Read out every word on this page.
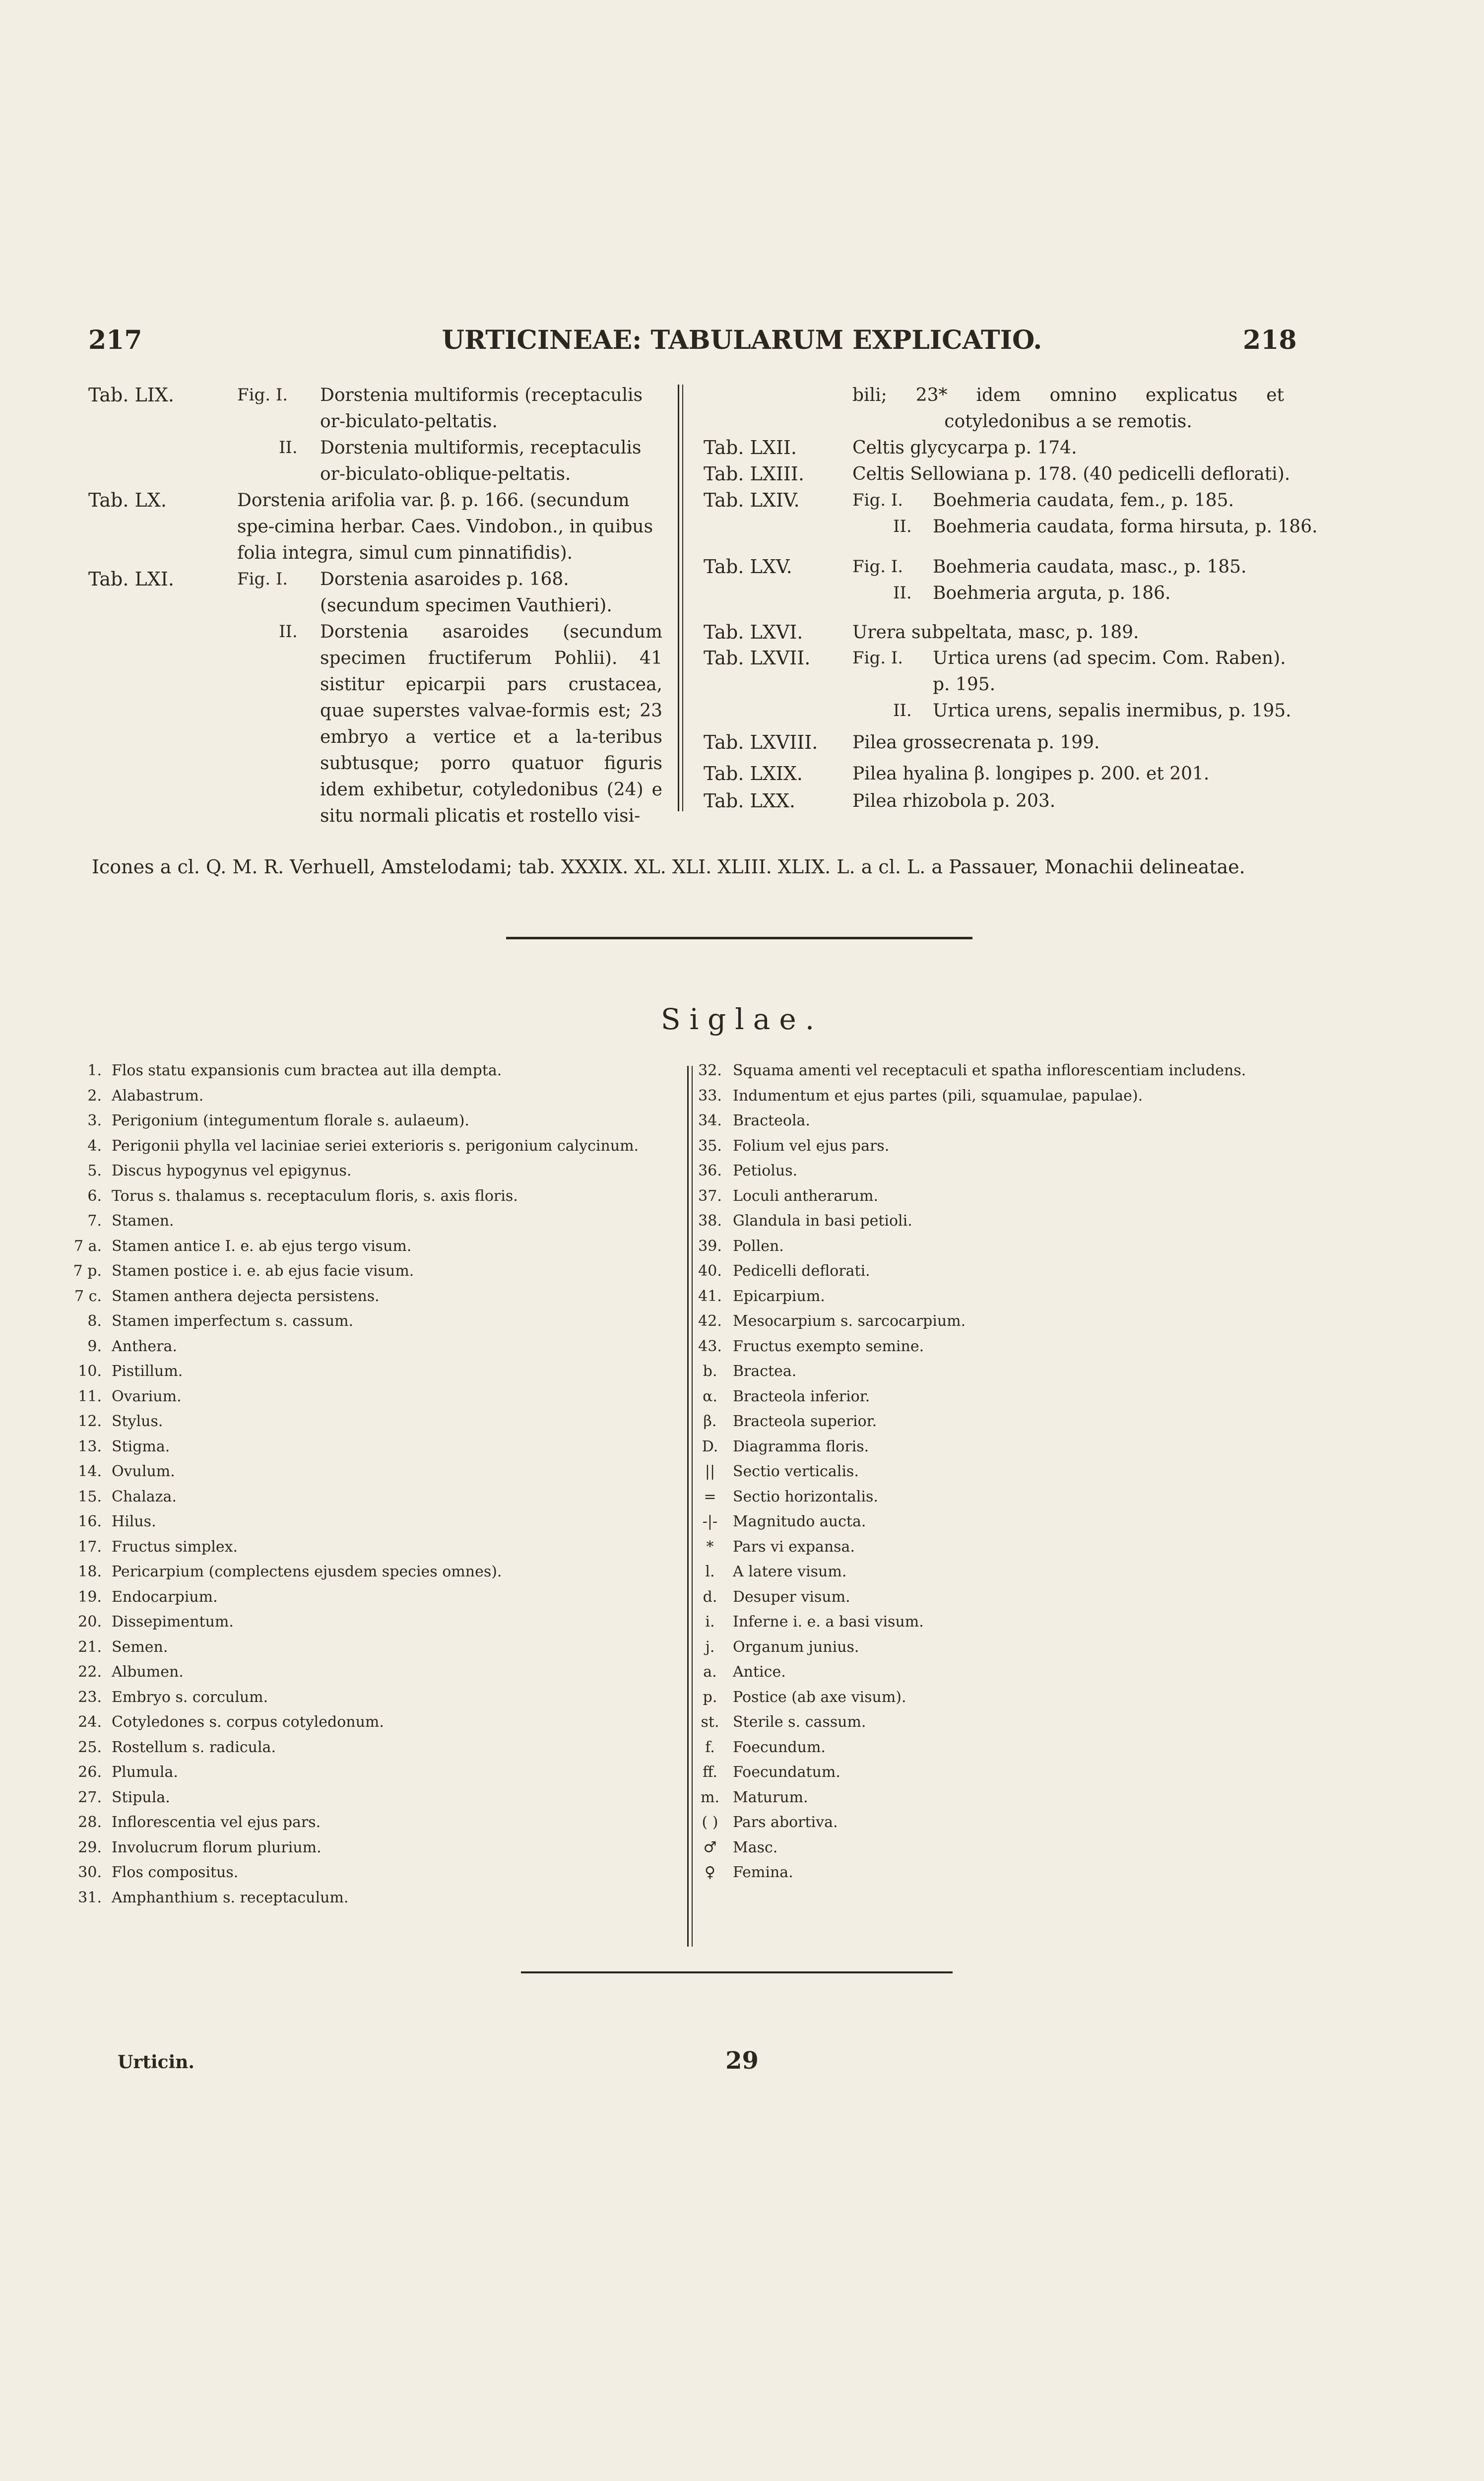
217	URTICINEAE: TABULARUM EXPLICATIO.	218
Tab. LIX.	Fig. I. Dorstenia multiformis (receptaculis or-biculato-peltatis.
II. Dorstenia multiformis, receptaculis or-biculato-oblique-peltatis.
Tab. LX.	Dorstenia arifolia var. β. p. 166. (secundum spe-cimina herbar. Caes. Vindobon., in quibus folia integra, simul cum pinnatifidis).
Tab. LXI.	Fig. I. Dorstenia asaroides p. 168. (secundum specimen Vauthieri).
II. Dorstenia asaroides (secundum specimen fructiferum Pohlii). 41 sistitur epicarpii pars crustacea, quae superstes valvae-formis est; 23 embryo a vertice et a la-teribus subtusque; porro quatuor figuris idem exhibetur, cotyledonibus (24) e situ normali plicatis et rostello visi-
bili; 23* idem omnino explicatus et cotyledonibus a se remotis.
Tab. LXII.	Celtis glycycarpa p. 174.
Tab. LXIII.	Celtis Sellowiana p. 178. (40 pedicelli deflorati).
Tab. LXIV.	Fig. I. Boehmeria caudata, fem., p. 185.
II. Boehmeria caudata, forma hirsuta, p. 186.
Tab. LXV.	Fig. I. Boehmeria caudata, masc., p. 185.
II. Boehmeria arguta, p. 186.
Tab. LXVI.	Urera subpeltata, masc, p. 189.
Tab. LXVII. Fig. I. Urtica urens (ad specim. Com. Raben).
p. 195.
II. Urtica urens, sepalis inermibus, p. 195.
Tab. LXVIII. Pilea grossecrenata p. 199.
Tab. LXIX.	Pilea hyalina β. longipes p. 200. et 201.
Tab. LXX.	Pilea rhizobola p. 203.
Icones a cl. Q. M. R. Verhuell, Amstelodami; tab. XXXIX. XL. XLI. XLIII. XLIX. L. a cl. L. a Passauer, Monachii delineatae.
Siglae.
1. Flos statu expansionis cum bractea aut illa dempta.
2. Alabastrum.
3. Perigonium (integumentum florale s. aulaeum).
4. Perigonii phylla vel laciniae seriei exterioris s. perigonium calycinum.
5. Discus hypogynus vel epigynus.
6. Torus s. thalamus s. receptaculum floris, s. axis floris.
7. Stamen.
7 a. Stamen antice I. e. ab ejus tergo visum.
7 p. Stamen postice i. e. ab ejus facie visum.
7 c. Stamen anthera dejecta persistens.
8. Stamen imperfectum s. cassum.
9. Anthera.
10. Pistillum.
11. Ovarium.
12. Stylus.
13. Stigma.
14. Ovulum.
15. Chalaza.
16. Hilus.
17. Fructus simplex.
18. Pericarpium (complectens ejusdem species omnes).
19. Endocarpium.
20. Dissepimentum.
21. Semen.
22. Albumen.
23. Embryo s. corculum.
24. Cotyledones s. corpus cotyledonum.
25. Rostellum s. radicula.
26. Plumula.
27. Stipula.
28. Inflorescentia vel ejus pars.
29. Involucrum florum plurium.
30. Flos compositus.
31. Amphanthium s. receptaculum.
32. Squama amenti vel receptaculi et spatha inflorescentiam includens.
33. Indumentum et ejus partes (pili, squamulae, papulae).
34. Bracteola.
35. Folium vel ejus pars.
36. Petiolus.
37. Loculi antherarum.
38. Glandula in basi petioli.
39. Pollen.
40. Pedicelli deflorati.
41. Epicarpium.
42. Mesocarpium s. sarcocarpium.
43. Fructus exempto semine.
b. Bractea.
α. Bracteola inferior.
β. Bracteola superior.
D. Diagramma floris.
|| Sectio verticalis.
= Sectio horizontalis.
-|- Magnitudo aucta.
* Pars vi expansa.
l. A latere visum.
d. Desuper visum.
i. Inferne i. e. a basi visum.
j. Organum junius.
a. Antice.
p. Postice (ab axe visum).
st. Sterile s. cassum.
f. Foecundum.
ff. Foecundatum.
m. Maturum.
( ) Pars abortiva.
♂ Masc.
♀ Femina.
Urticin.	29
